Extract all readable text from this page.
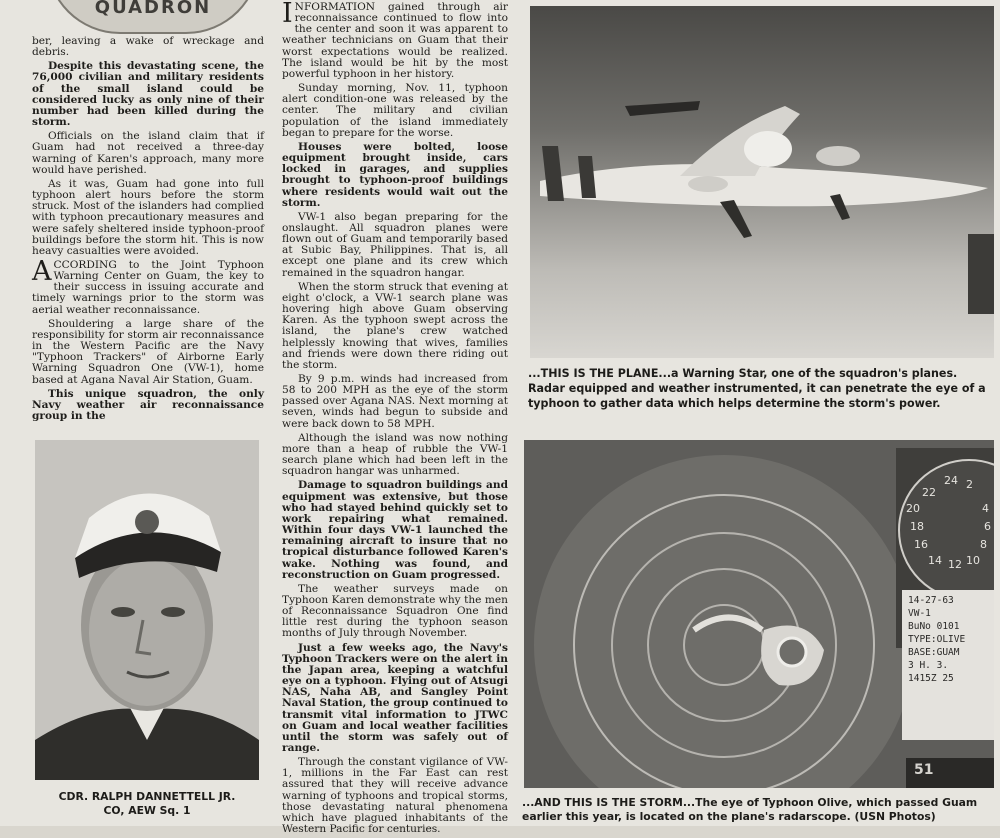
QUADRON

ber, leaving a wake of wreckage and debris.

Despite this devastating scene, the 76,000 civilian and military residents of the small island could be considered lucky as only nine of their number had been killed during the storm.

Officials on the island claim that if Guam had not received a three-day warning of Karen's approach, many more would have perished.

As it was, Guam had gone into full typhoon alert hours before the storm struck. Most of the islanders had complied with typhoon precautionary measures and were safely sheltered inside typhoon-proof buildings before the storm hit. This is now heavy casualties were avoided.

ACCORDING to the Joint Typhoon Warning Center on Guam, the key to their success in issuing accurate and timely warnings prior to the storm was aerial weather reconnaissance.

Shouldering a large share of the responsibility for storm air reconnaissance in the Western Pacific are the Navy "Typhoon Trackers" of Airborne Early Warning Squadron One (VW-1), home based at Agana Naval Air Station, Guam.

This unique squadron, the only Navy weather air reconnaissance group in the

INFORMATION gained through air reconnaissance continued to flow into the center and soon it was apparent to weather technicians on Guam that their worst expectations would be realized. The island would be hit by the most powerful typhoon in her history.

Sunday morning, Nov. 11, typhoon alert condition-one was released by the center. The military and civilian population of the island immediately began to prepare for the worse.

Houses were bolted, loose equipment brought inside, cars locked in garages, and supplies brought to typhoon-proof buildings where residents would wait out the storm.

VW-1 also began preparing for the onslaught. All squadron planes were flown out of Guam and temporarily based at Subic Bay, Philippines. That is, all except one plane and its crew which remained in the squadron hangar.

When the storm struck that evening at eight o'clock, a VW-1 search plane was hovering high above Guam observing Karen. As the typhoon swept across the island, the plane's crew watched helplessly knowing that wives, families and friends were down there riding out the storm.

By 9 p.m. winds had increased from 58 to 200 MPH as the eye of the storm passed over Agana NAS. Next morning at seven, winds had begun to subside and were back down to 58 MPH.

Although the island was now nothing more than a heap of rubble the VW-1 search plane which had been left in the squadron hangar was unharmed.

Damage to squadron buildings and equipment was extensive, but those who had stayed behind quickly set to work repairing what remained. Within four days VW-1 launched the remaining aircraft to insure that no tropical disturbance followed Karen's wake. Nothing was found, and reconstruction on Guam progressed.

The weather surveys made on Typhoon Karen demonstrate why the men of Reconnaissance Squadron One find little rest during the typhoon season months of July through November.

Just a few weeks ago, the Navy's Typhoon Trackers were on the alert in the Japan area, keeping a watchful eye on a typhoon. Flying out of Atsugi NAS, Naha AB, and Sangley Point Naval Station, the group continued to transmit vital information to JTWC on Guam and local weather facilities until the storm was safely out of range.

Through the constant vigilance of VW-1, millions in the Far East can rest assured that they will receive advance warning of typhoons and tropical storms, those devastating natural phenomena which have plagued inhabitants of the Western Pacific for centuries.

...THIS IS THE PLANE...a Warning Star, one of the squadron's planes. Radar equipped and weather instrumented, it can penetrate the eye of a typhoon to gather data which helps determine the storm's power.
24 2
22
20	4
18	6
16	8
14 12 10
14-27-63
VW-1
BuNo 0101
TYPE:OLIVE
BASE:GUAM
3 H. 3.
1415Z 25
51
...AND THIS IS THE STORM...The eye of Typhoon Olive, which passed Guam earlier this year, is located on the plane's radarscope. (USN Photos)
CDR. RALPH DANNETTELL JR.
CO, AEW Sq. 1
